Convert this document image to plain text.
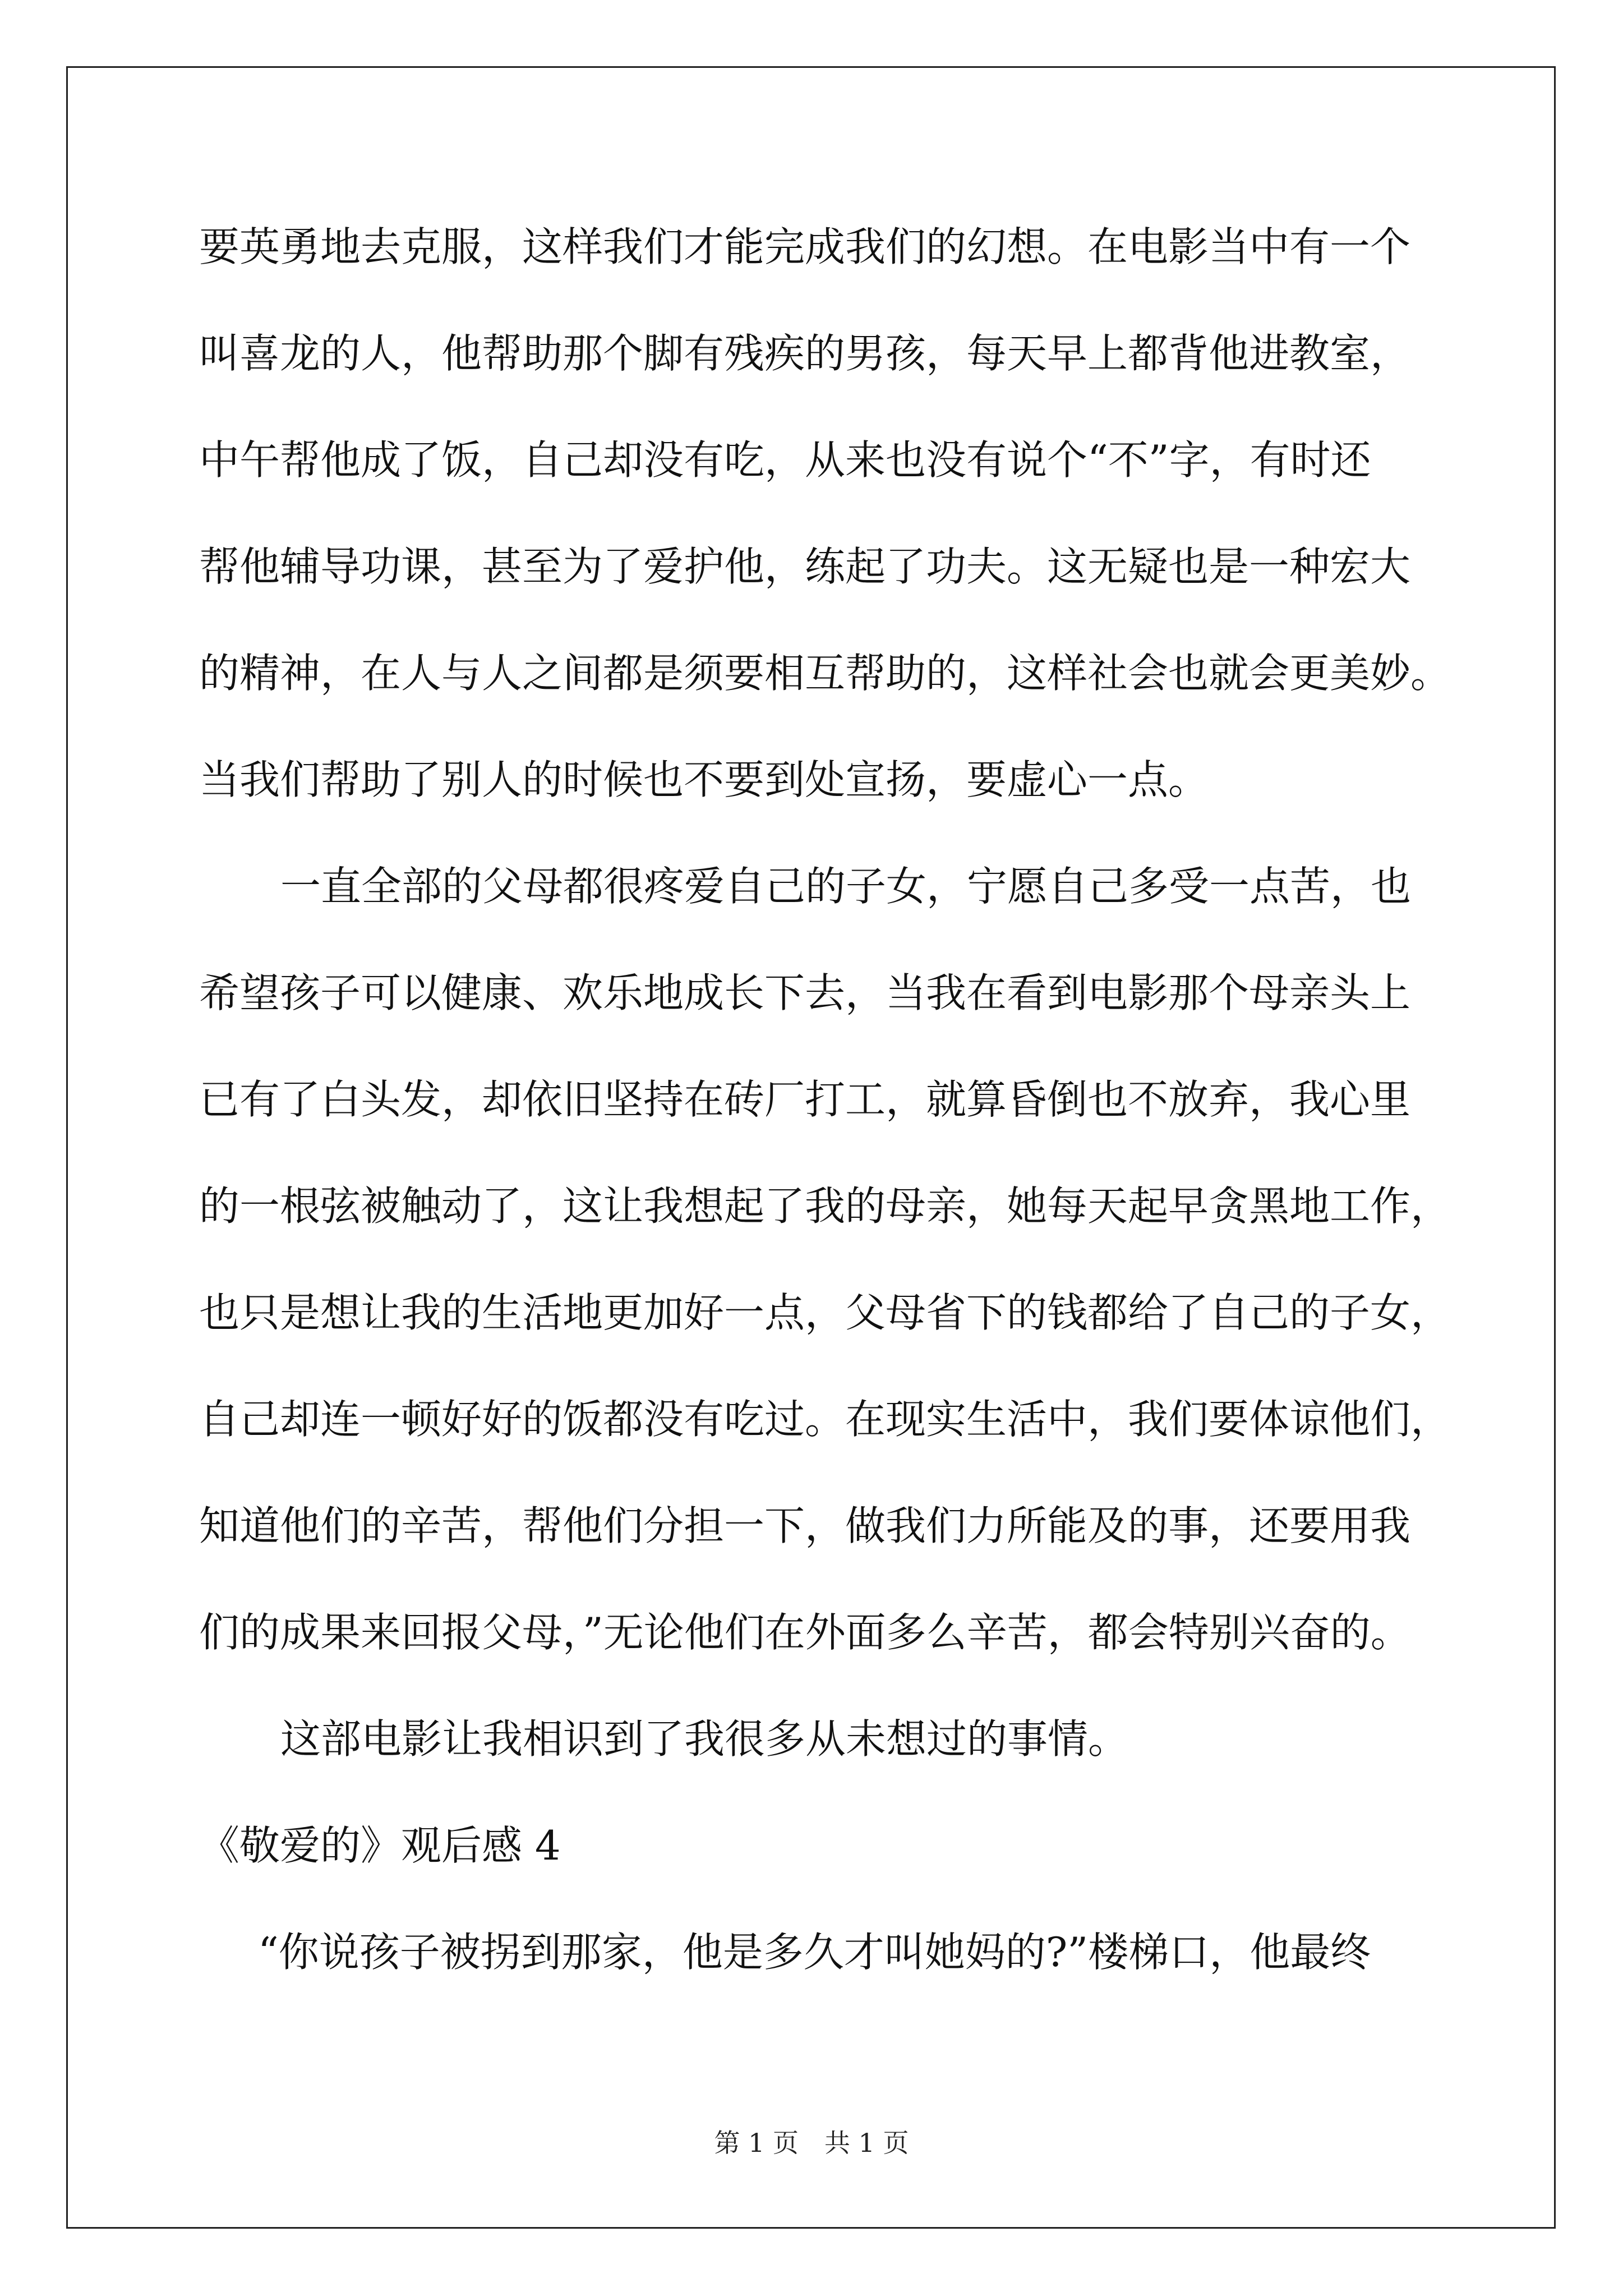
要英勇地去克服，这样我们才能完成我们的幻想。在电影当中有一个
叫喜龙的人，他帮助那个脚有残疾的男孩，每天早上都背他进教室，
中午帮他成了饭，自己却没有吃，从来也没有说个“不”字，有时还
帮他辅导功课，甚至为了爱护他，练起了功夫。这无疑也是一种宏大
的精神，在人与人之间都是须要相互帮助的，这样社会也就会更美妙。
当我们帮助了别人的时候也不要到处宣扬，要虚心一点。
一直全部的父母都很疼爱自己的子女，宁愿自己多受一点苦，也
希望孩子可以健康、欢乐地成长下去，当我在看到电影那个母亲头上
已有了白头发，却依旧坚持在砖厂打工，就算昏倒也不放弃，我心里
的一根弦被触动了，这让我想起了我的母亲，她每天起早贪黑地工作，
也只是想让我的生活地更加好一点，父母省下的钱都给了自己的子女，
自己却连一顿好好的饭都没有吃过。在现实生活中，我们要体谅他们，
知道他们的辛苦，帮他们分担一下，做我们力所能及的事，还要用我
们的成果来回报父母，”无论他们在外面多么辛苦，都会特别兴奋的。
这部电影让我相识到了我很多从未想过的事情。
《敬爱的》观后感 4
“你说孩子被拐到那家，他是多久才叫她妈的?”楼梯口，他最终
第 1 页　共 1 页
